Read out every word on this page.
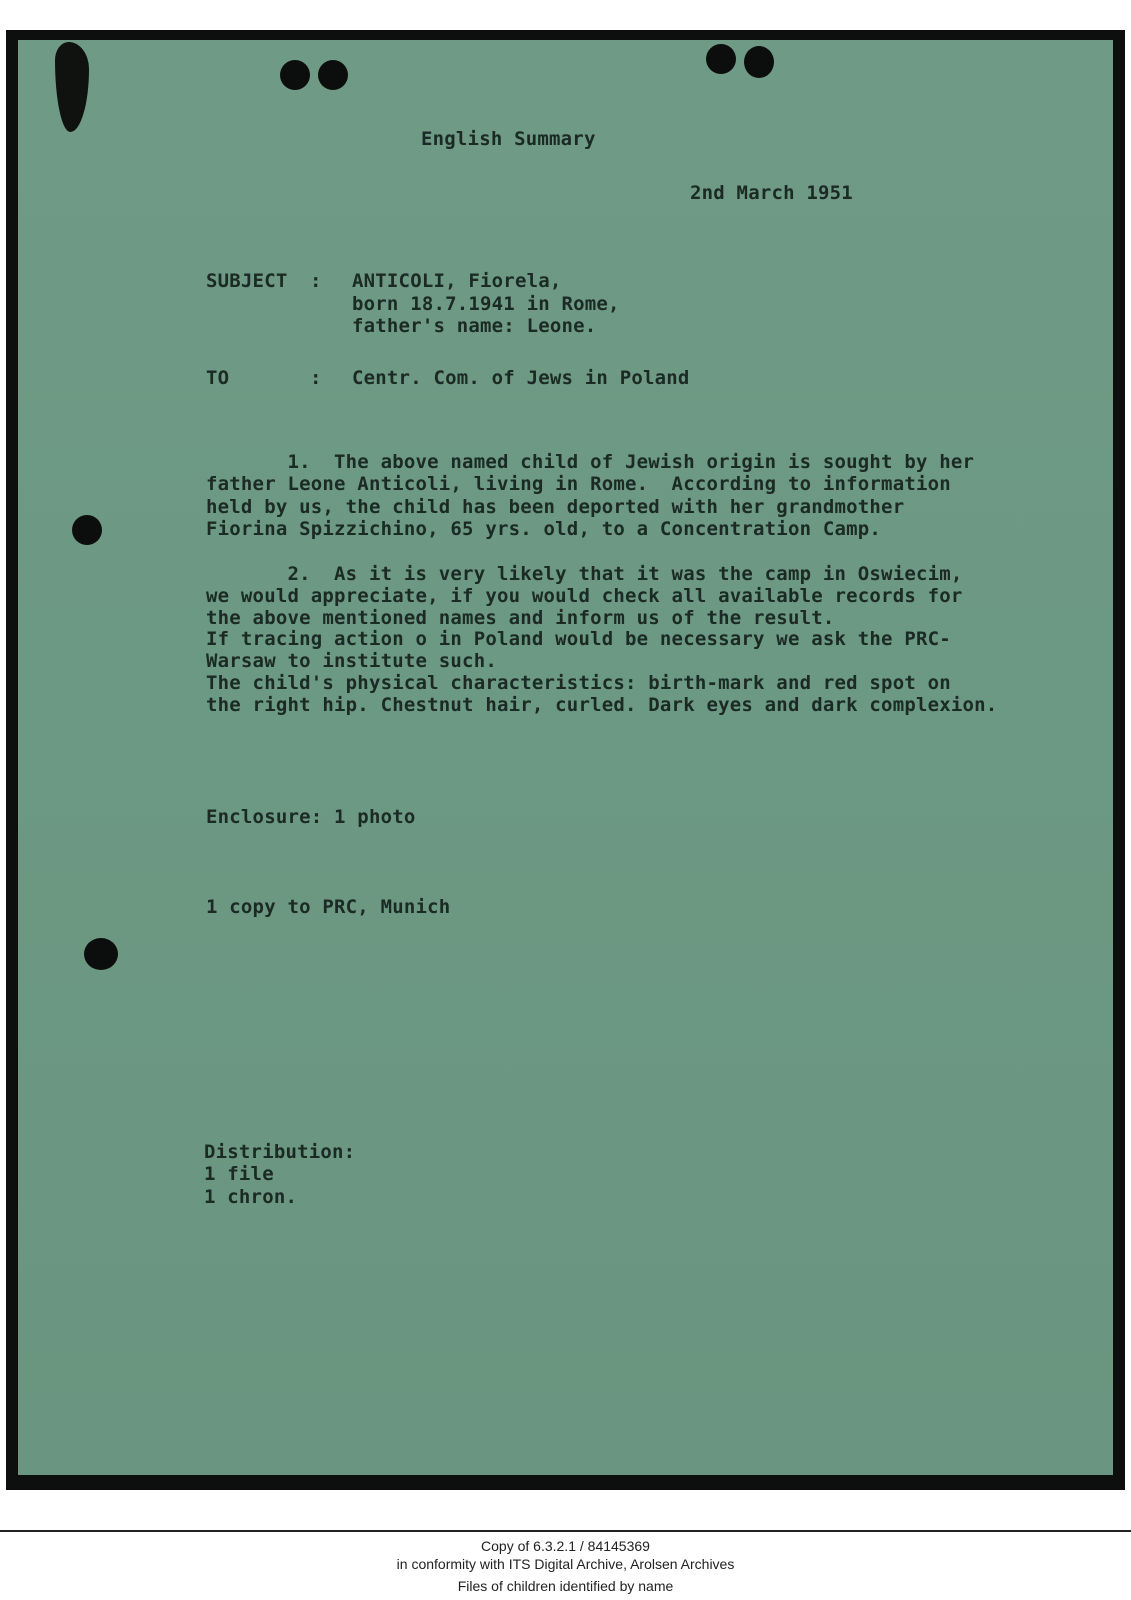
English Summary
2nd March 1951
SUBJECT : ANTICOLI, Fiorela,
born 18.7.1941 in Rome,
father's name: Leone.
TO	: Centr. Com. of Jews in Poland
1.  The above named child of Jewish origin is sought by her
father Leone Anticoli, living in Rome.  According to information
held by us, the child has been deported with her grandmother
Fiorina Spizzichino, 65 yrs. old, to a Concentration Camp.
2.  As it is very likely that it was the camp in Oswiecim,
we would appreciate, if you would check all available records for
the above mentioned names and inform us of the result.
If tracing action o in Poland would be necessary we ask the PRC-
Warsaw to institute such.
The child's physical characteristics: birth-mark and red spot on
the right hip. Chestnut hair, curled. Dark eyes and dark complexion.
Enclosure: 1 photo
1 copy to PRC, Munich
Distribution:
1 file
1 chron.
Copy of 6.3.2.1 / 84145369
in conformity with ITS Digital Archive, Arolsen Archives
Files of children identified by name
